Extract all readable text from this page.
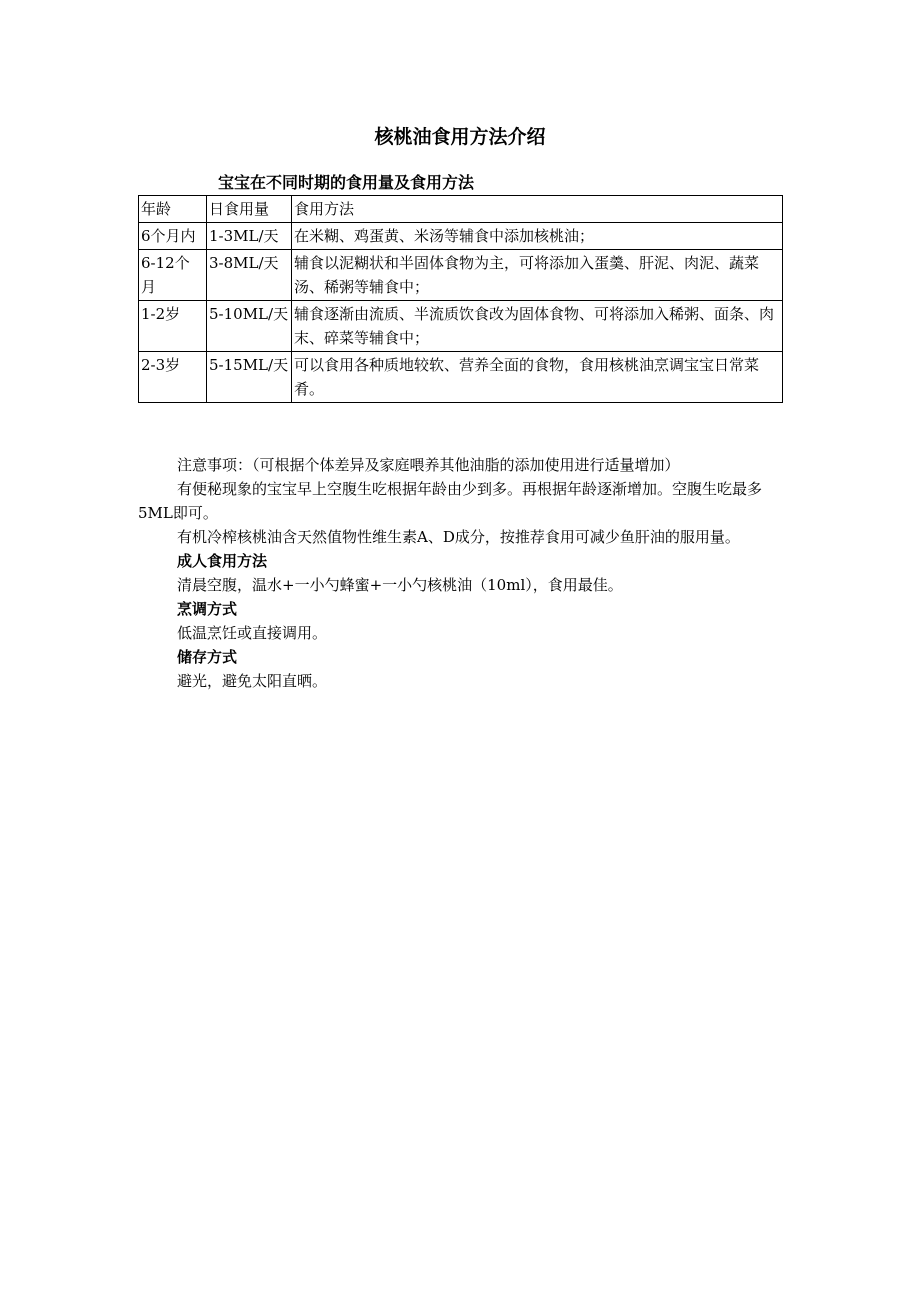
核桃油食用方法介绍
宝宝在不同时期的食用量及食用方法
年龄	日食用量	食用方法
6个月内	1-3ML/天	在米糊、鸡蛋黄、米汤等辅食中添加核桃油；
6-12个月	3-8ML/天	辅食以泥糊状和半固体食物为主，可将添加入蛋羹、肝泥、肉泥、蔬菜汤、稀粥等辅食中；
1-2岁	5-10ML/天	辅食逐渐由流质、半流质饮食改为固体食物、可将添加入稀粥、面条、肉末、碎菜等辅食中；
2-3岁	5-15ML/天	可以食用各种质地较软、营养全面的食物，食用核桃油烹调宝宝日常菜肴。

注意事项：（可根据个体差异及家庭喂养其他油脂的添加使用进行适量增加）

有便秘现象的宝宝早上空腹生吃根据年龄由少到多。再根据年龄逐渐增加。空腹生吃最多5ML即可。

有机冷榨核桃油含天然值物性维生素A、D成分，按推荐食用可减少鱼肝油的服用量。

成人食用方法

清晨空腹，温水+一小勺蜂蜜+一小勺核桃油（10ml），食用最佳。

烹调方式

低温烹饪或直接调用。

储存方式

避光，避免太阳直晒。
